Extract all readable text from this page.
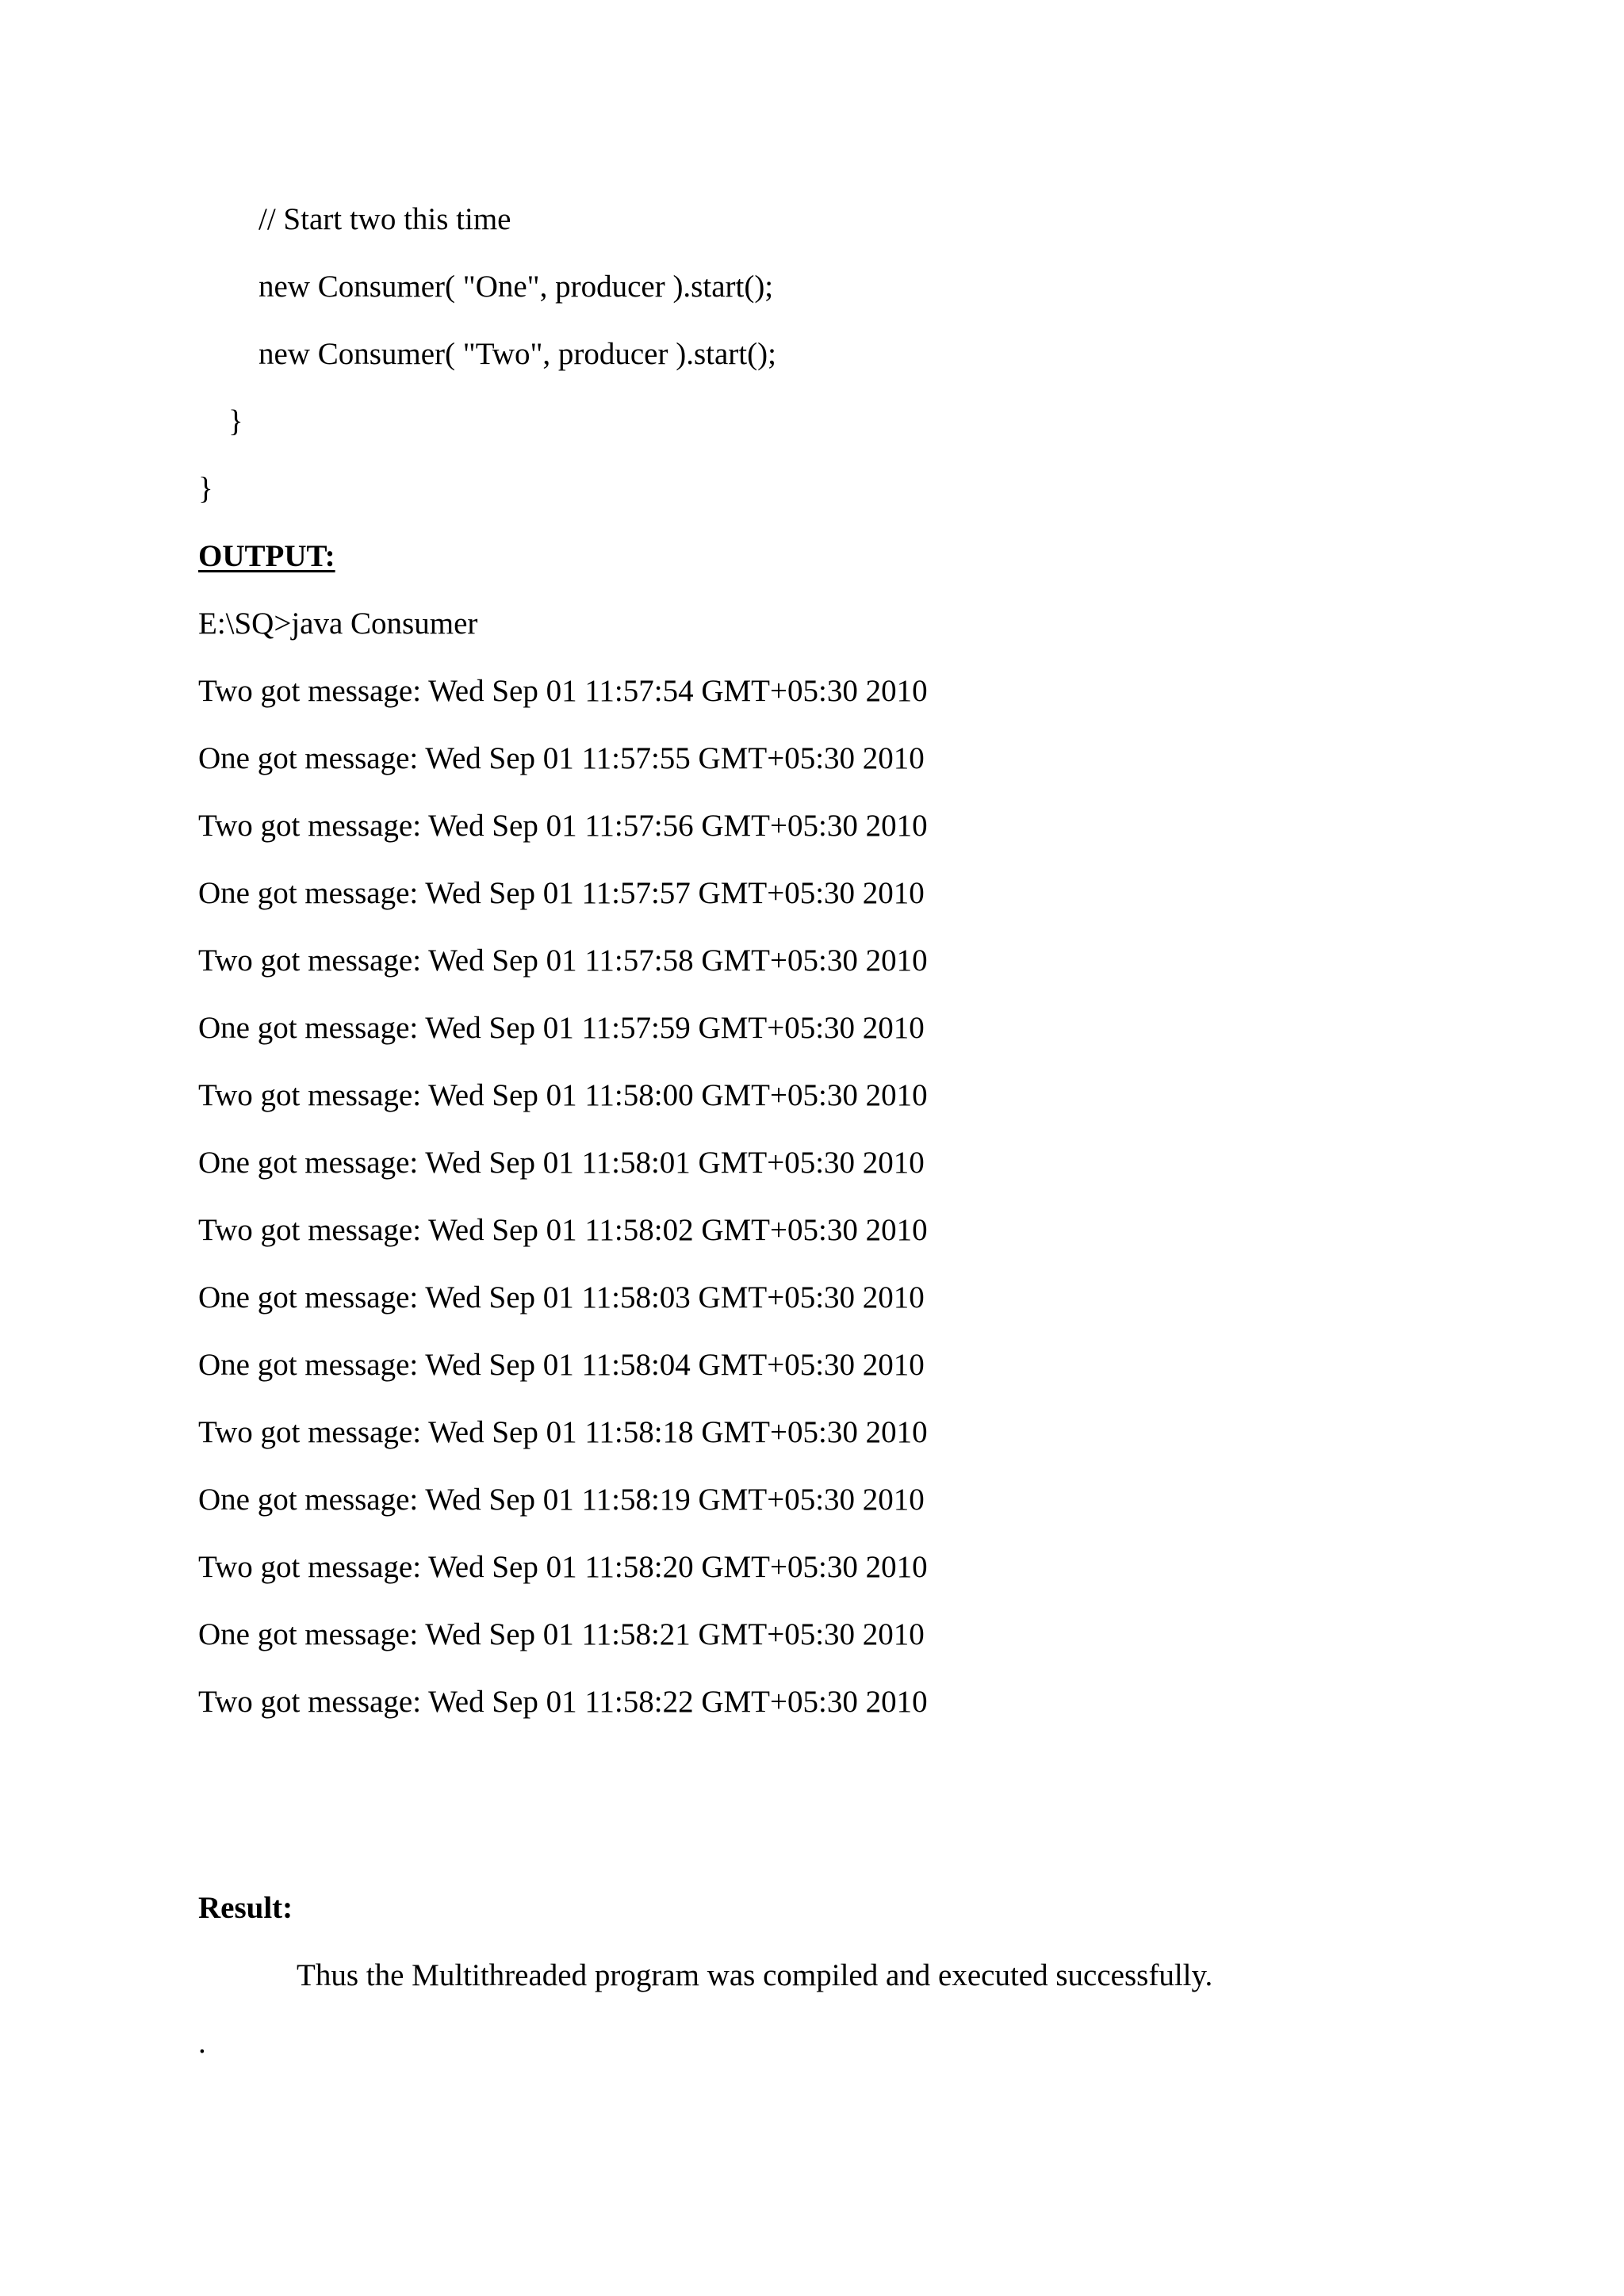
// Start two this time
new Consumer( "One", producer ).start();
new Consumer( "Two", producer ).start();
}
}
OUTPUT:
E:\SQ>java Consumer
Two got message: Wed Sep 01 11:57:54 GMT+05:30 2010
One got message: Wed Sep 01 11:57:55 GMT+05:30 2010
Two got message: Wed Sep 01 11:57:56 GMT+05:30 2010
One got message: Wed Sep 01 11:57:57 GMT+05:30 2010
Two got message: Wed Sep 01 11:57:58 GMT+05:30 2010
One got message: Wed Sep 01 11:57:59 GMT+05:30 2010
Two got message: Wed Sep 01 11:58:00 GMT+05:30 2010
One got message: Wed Sep 01 11:58:01 GMT+05:30 2010
Two got message: Wed Sep 01 11:58:02 GMT+05:30 2010
One got message: Wed Sep 01 11:58:03 GMT+05:30 2010
One got message: Wed Sep 01 11:58:04 GMT+05:30 2010
Two got message: Wed Sep 01 11:58:18 GMT+05:30 2010
One got message: Wed Sep 01 11:58:19 GMT+05:30 2010
Two got message: Wed Sep 01 11:58:20 GMT+05:30 2010
One got message: Wed Sep 01 11:58:21 GMT+05:30 2010
Two got message: Wed Sep 01 11:58:22 GMT+05:30 2010
Result:
Thus the Multithreaded program was compiled and executed successfully.
.
